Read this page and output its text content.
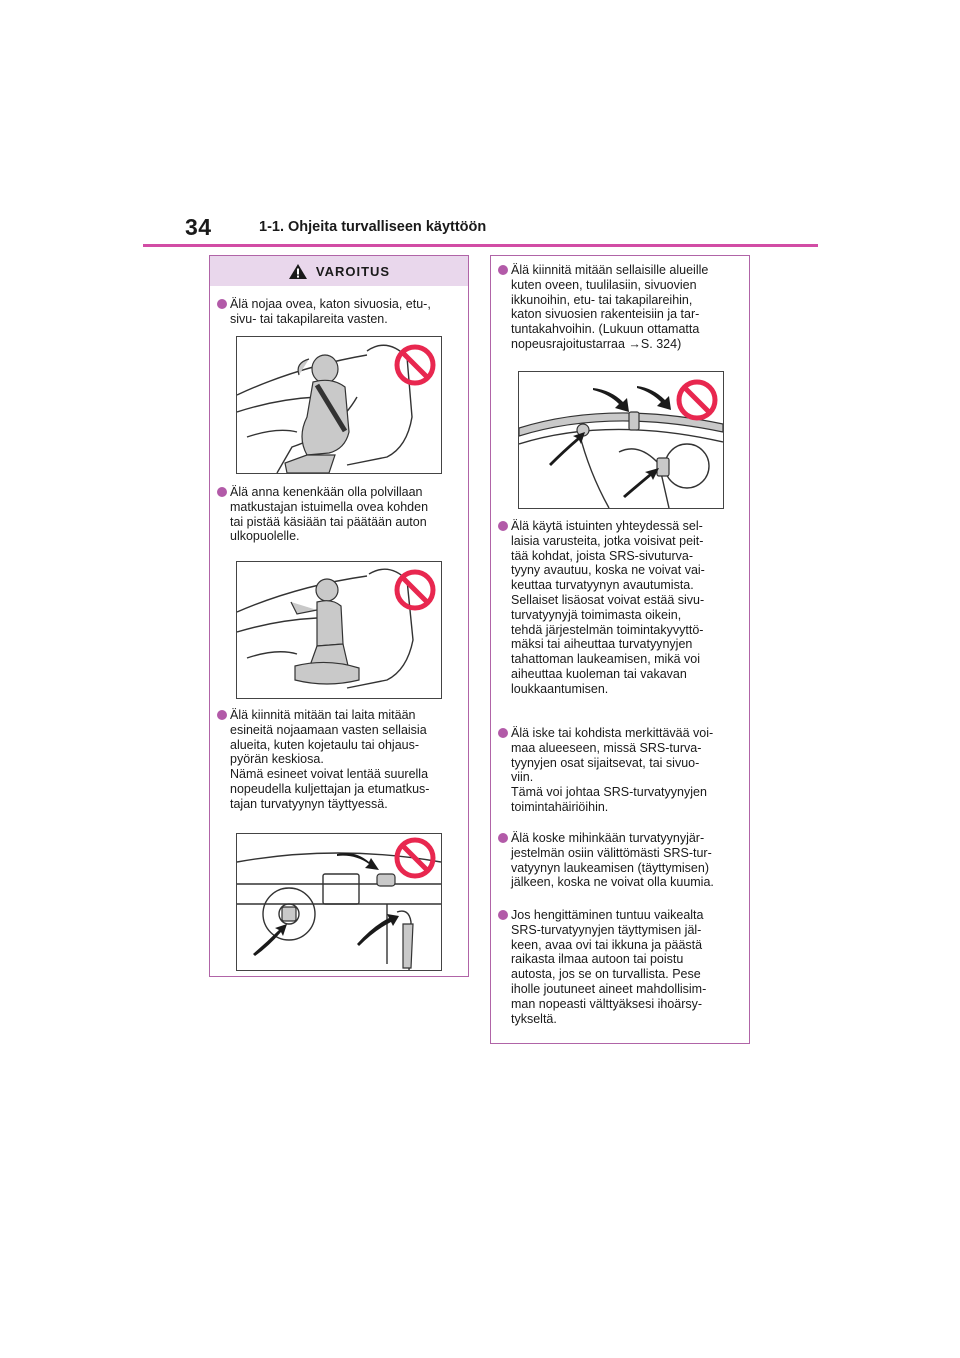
34	1-1. Ohjeita turvalliseen käyttöön
VAROITUS
Älä nojaa ovea, katon sivuosia, etu-,
sivu- tai takapilareita vasten.
Älä anna kenenkään olla polvillaan
matkustajan istuimella ovea kohden
tai pistää käsiään tai päätään auton
ulkopuolelle.
Älä kiinnitä mitään tai laita mitään
esineitä nojaamaan vasten sellaisia
alueita, kuten kojetaulu tai ohjaus-
pyörän keskiosa.
Nämä esineet voivat lentää suurella
nopeudella kuljettajan ja etumatkus-
tajan turvatyynyn täyttyessä.
Älä kiinnitä mitään sellaisille alueille
kuten oveen, tuulilasiin, sivuovien
ikkunoihin, etu- tai takapilareihin,
katon sivuosien rakenteisiin ja tar-
tuntakahvoihin. (Lukuun ottamatta
nopeusrajoitustarraa →S. 324)
Älä käytä istuinten yhteydessä sel-
laisia varusteita, jotka voisivat peit-
tää kohdat, joista SRS-sivuturva-
tyyny avautuu, koska ne voivat vai-
keuttaa turvatyynyn avautumista.
Sellaiset lisäosat voivat estää sivu-
turvatyynyjä toimimasta oikein,
tehdä järjestelmän toimintakyvyttö-
mäksi tai aiheuttaa turvatyynyjen
tahattoman laukeamisen, mikä voi
aiheuttaa kuoleman tai vakavan
loukkaantumisen.
Älä iske tai kohdista merkittävää voi-
maa alueeseen, missä SRS-turva-
tyynyjen osat sijaitsevat, tai sivuo-
viin.
Tämä voi johtaa SRS-turvatyynyjen
toimintahäiriöihin.
Älä koske mihinkään turvatyynyjär-
jestelmän osiin välittömästi SRS-tur-
vatyynyn laukeamisen (täyttymisen)
jälkeen, koska ne voivat olla kuumia.
Jos hengittäminen tuntuu vaikealta
SRS-turvatyynyjen täyttymisen jäl-
keen, avaa ovi tai ikkuna ja päästä
raikasta ilmaa autoon tai poistu
autosta, jos se on turvallista. Pese
iholle joutuneet aineet mahdollisim-
man nopeasti välttyäksesi ihoärsy-
tykseltä.
